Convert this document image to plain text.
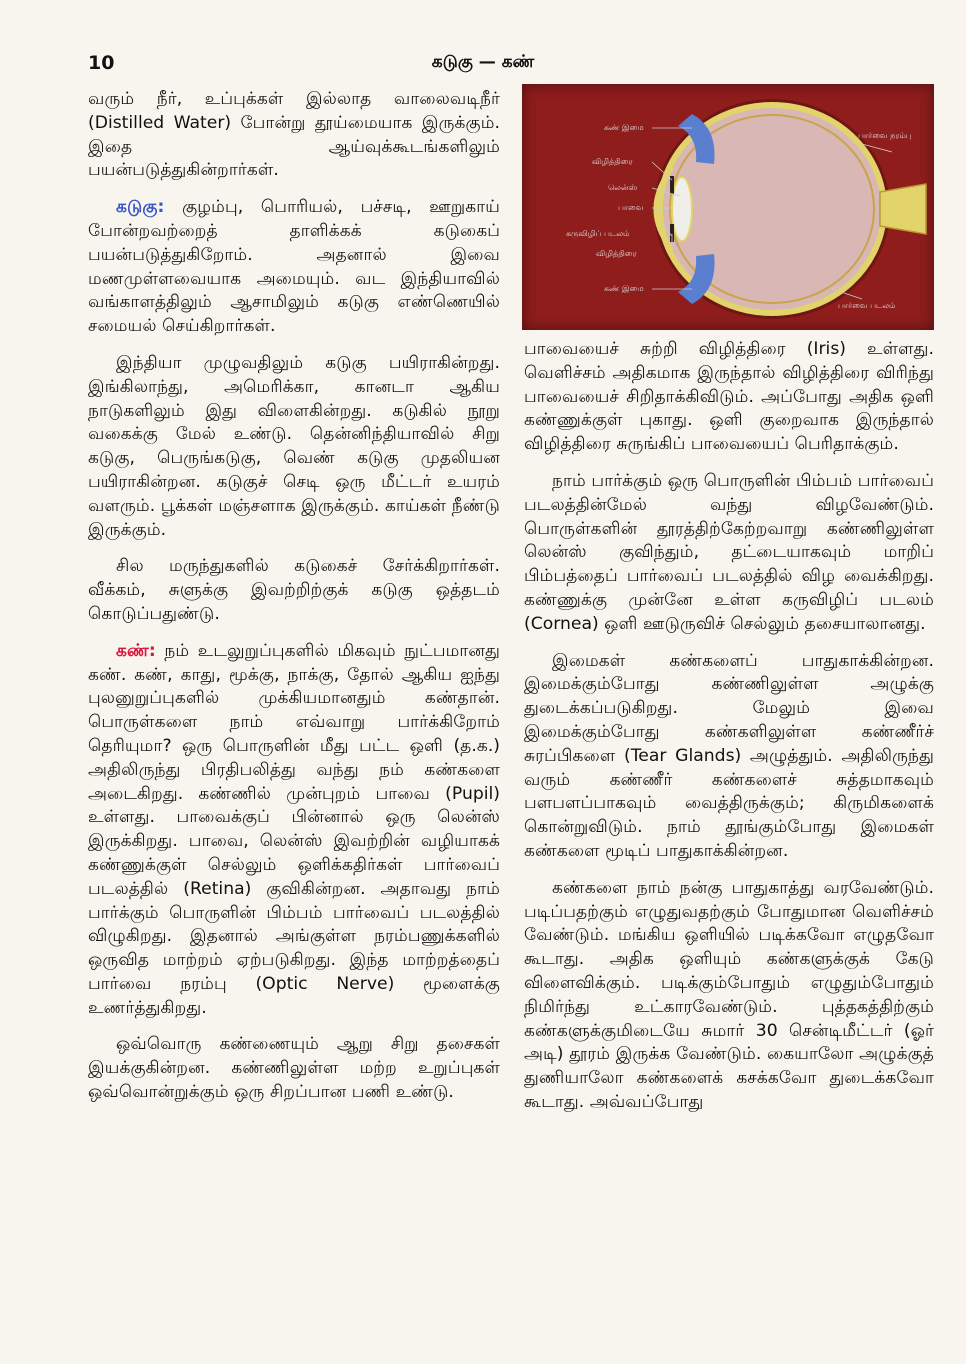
10	கடுகு — கண்
கண் இமை
விழித்திரை
லென்ஸ்
பாவை
கருவிழிப் படலம்
விழித்திரை
கண் இமை
பார்வை நரம்பு
பார்வை படலம்

வரும் நீர், உப்புக்கள் இல்லாத வாலைவடிநீர் (Distilled Water) போன்று தூய்மையாக இருக்கும். இதை ஆய்வுக்கூடங்களிலும் பயன்படுத்துகின்றார்கள்.

கடுகு: குழம்பு, பொரியல், பச்சடி, ஊறுகாய் போன்றவற்றைத் தாளிக்கக் கடுகைப் பயன்படுத்துகிறோம். அதனால் இவை மணமுள்ளவையாக அமையும். வட இந்தியாவில் வங்காளத்திலும் ஆசாமிலும் கடுகு எண்ணெயில் சமையல் செய்கிறார்கள்.

இந்தியா முழுவதிலும் கடுகு பயிராகின்றது. இங்கிலாந்து, அமெரிக்கா, கானடா ஆகிய நாடுகளிலும் இது விளைகின்றது. கடுகில் நூறு வகைக்கு மேல் உண்டு. தென்னிந்தியாவில் சிறு கடுகு, பெருங்கடுகு, வெண் கடுகு முதலியன பயிராகின்றன. கடுகுச் செடி ஒரு மீட்டர் உயரம் வளரும். பூக்கள் மஞ்சளாக இருக்கும். காய்கள் நீண்டு இருக்கும்.

சில மருந்துகளில் கடுகைச் சேர்க்கிறார்கள். வீக்கம், சுளுக்கு இவற்றிற்குக் கடுகு ஒத்தடம் கொடுப்பதுண்டு.

கண்: நம் உடலுறுப்புகளில் மிகவும் நுட்பமானது கண். கண், காது, மூக்கு, நாக்கு, தோல் ஆகிய ஐந்து புலனுறுப்புகளில் முக்கியமானதும் கண்தான். பொருள்களை நாம் எவ்வாறு பார்க்கிறோம் தெரியுமா? ஒரு பொருளின் மீது பட்ட ஒளி (த.க.) அதிலிருந்து பிரதிபலித்து வந்து நம் கண்களை அடைகிறது. கண்ணில் முன்புறம் பாவை (Pupil) உள்ளது. பாவைக்குப் பின்னால் ஒரு லென்ஸ் இருக்கிறது. பாவை, லென்ஸ் இவற்றின் வழியாகக் கண்ணுக்குள் செல்லும் ஒளிக்கதிர்கள் பார்வைப் படலத்தில் (Retina) குவிகின்றன. அதாவது நாம் பார்க்கும் பொருளின் பிம்பம் பார்வைப் படலத்தில் விழுகிறது. இதனால் அங்குள்ள நரம்பணுக்களில் ஒருவித மாற்றம் ஏற்படுகிறது. இந்த மாற்றத்தைப் பார்வை நரம்பு (Optic Nerve) மூளைக்கு உணர்த்துகிறது.

ஒவ்வொரு கண்ணையும் ஆறு சிறு தசைகள் இயக்குகின்றன. கண்ணிலுள்ள மற்ற உறுப்புகள் ஒவ்வொன்றுக்கும் ஒரு சிறப்பான பணி உண்டு.

பாவையைச் சுற்றி விழித்திரை (Iris) உள்ளது. வெளிச்சம் அதிகமாக இருந்தால் விழித்திரை விரிந்து பாவையைச் சிறிதாக்கிவிடும். அப்போது அதிக ஒளி கண்ணுக்குள் புகாது. ஒளி குறைவாக இருந்தால் விழித்திரை சுருங்கிப் பாவையைப் பெரிதாக்கும்.

நாம் பார்க்கும் ஒரு பொருளின் பிம்பம் பார்வைப் படலத்தின்மேல் வந்து விழவேண்டும். பொருள்களின் தூரத்திற்கேற்றவாறு கண்ணிலுள்ள லென்ஸ் குவிந்தும், தட்டையாகவும் மாறிப் பிம்பத்தைப் பார்வைப் படலத்தில் விழ வைக்கிறது. கண்ணுக்கு முன்னே உள்ள கருவிழிப் படலம் (Cornea) ஒளி ஊடுருவிச் செல்லும் தசையாலானது.

இமைகள் கண்களைப் பாதுகாக்கின்றன. இமைக்கும்போது கண்ணிலுள்ள அழுக்கு துடைக்கப்படுகிறது. மேலும் இவை இமைக்கும்போது கண்களிலுள்ள கண்ணீர்ச் சுரப்பிகளை (Tear Glands) அழுத்தும். அதிலிருந்து வரும் கண்ணீர் கண்களைச் சுத்தமாகவும் பளபளப்பாகவும் வைத்திருக்கும்; கிருமிகளைக் கொன்றுவிடும். நாம் தூங்கும்போது இமைகள் கண்களை மூடிப் பாதுகாக்கின்றன.

கண்களை நாம் நன்கு பாதுகாத்து வரவேண்டும். படிப்பதற்கும் எழுதுவதற்கும் போதுமான வெளிச்சம் வேண்டும். மங்கிய ஒளியில் படிக்கவோ எழுதவோ கூடாது. அதிக ஒளியும் கண்களுக்குக் கேடு விளைவிக்கும். படிக்கும்போதும் எழுதும்போதும் நிமிர்ந்து உட்காரவேண்டும். புத்தகத்திற்கும் கண்களுக்குமிடையே சுமார் 30 சென்டிமீட்டர் (ஓர் அடி) தூரம் இருக்க வேண்டும். கையாலோ அழுக்குத் துணியாலோ கண்களைக் கசக்கவோ துடைக்கவோ கூடாது. அவ்வப்போது
